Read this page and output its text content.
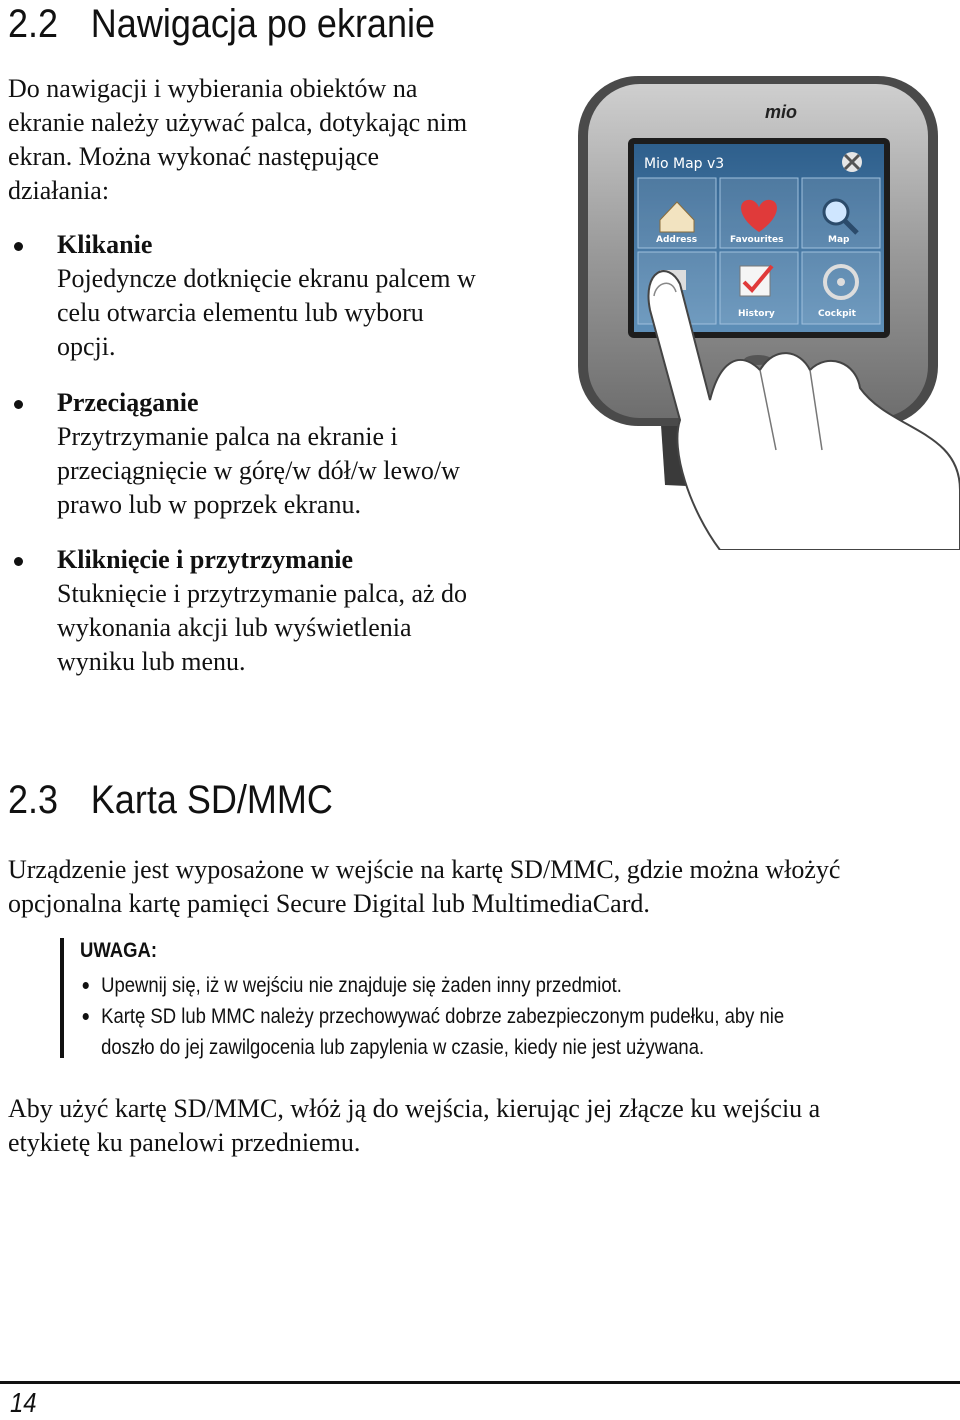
2.2 Nawigacja po ekranie
Do nawigacji i wybierania obiektów na
ekranie należy używać palca, dotykając nim
ekran. Można wykonać następujące
działania:
Klikanie
Pojedyncze dotknięcie ekranu palcem w
celu otwarcia elementu lub wyboru
opcji.
Przeciąganie
Przytrzymanie palca na ekranie i
przeciągnięcie w górę/w dół/w lewo/w
prawo lub w poprzek ekranu.
Kliknięcie i przytrzymanie
Stuknięcie i przytrzymanie palca, aż do
wykonania akcji lub wyświetlenia
wyniku lub menu.
mio
Mio Map v3
Address	Favourites	Map
History	Cockpit
2.3 Karta SD/MMC
Urządzenie jest wyposażone w wejście na kartę SD/MMC, gdzie można włożyć
opcjonalna kartę pamięci Secure Digital lub MultimediaCard.
UWAGA:
Upewnij się, iż w wejściu nie znajduje się żaden inny przedmiot.
Kartę SD lub MMC należy przechowywać dobrze zabezpieczonym pudełku, aby nie
doszło do jej zawilgocenia lub zapylenia w czasie, kiedy nie jest używana.
Aby użyć kartę SD/MMC, włóż ją do wejścia, kierując jej złącze ku wejściu a
etykietę ku panelowi przedniemu.
14
